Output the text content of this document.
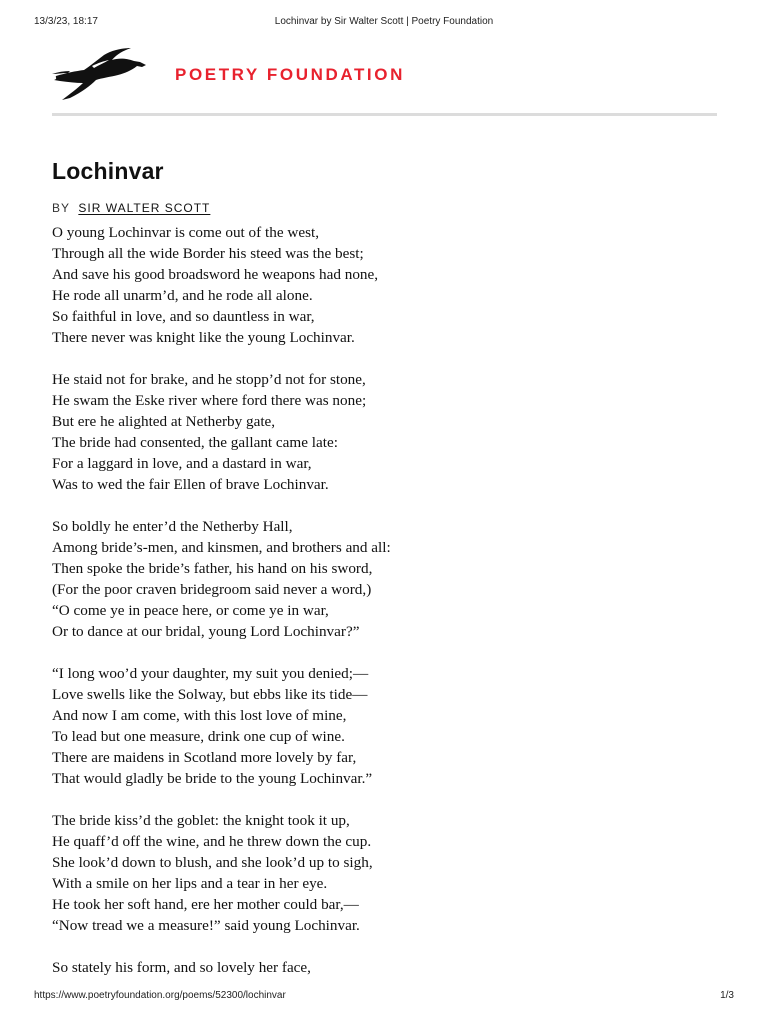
13/3/23, 18:17	Lochinvar by Sir Walter Scott | Poetry Foundation
POETRY FOUNDATION
Lochinvar
BY SIR WALTER SCOTT

O young Lochinvar is come out of the west,
Through all the wide Border his steed was the best;
And save his good broadsword he weapons had none,
He rode all unarm’d, and he rode all alone.
So faithful in love, and so dauntless in war,
There never was knight like the young Lochinvar.

He staid not for brake, and he stopp’d not for stone,
He swam the Eske river where ford there was none;
But ere he alighted at Netherby gate,
The bride had consented, the gallant came late:
For a laggard in love, and a dastard in war,
Was to wed the fair Ellen of brave Lochinvar.

So boldly he enter’d the Netherby Hall,
Among bride’s-men, and kinsmen, and brothers and all:
Then spoke the bride’s father, his hand on his sword,
(For the poor craven bridegroom said never a word,)
“O come ye in peace here, or come ye in war,
Or to dance at our bridal, young Lord Lochinvar?”

“I long woo’d your daughter, my suit you denied;—
Love swells like the Solway, but ebbs like its tide—
And now I am come, with this lost love of mine,
To lead but one measure, drink one cup of wine.
There are maidens in Scotland more lovely by far,
That would gladly be bride to the young Lochinvar.”

The bride kiss’d the goblet: the knight took it up,
He quaff’d off the wine, and he threw down the cup.
She look’d down to blush, and she look’d up to sigh,
With a smile on her lips and a tear in her eye.
He took her soft hand, ere her mother could bar,—
“Now tread we a measure!” said young Lochinvar.

So stately his form, and so lovely her face,

https://www.poetryfoundation.org/poems/52300/lochinvar	1/3
